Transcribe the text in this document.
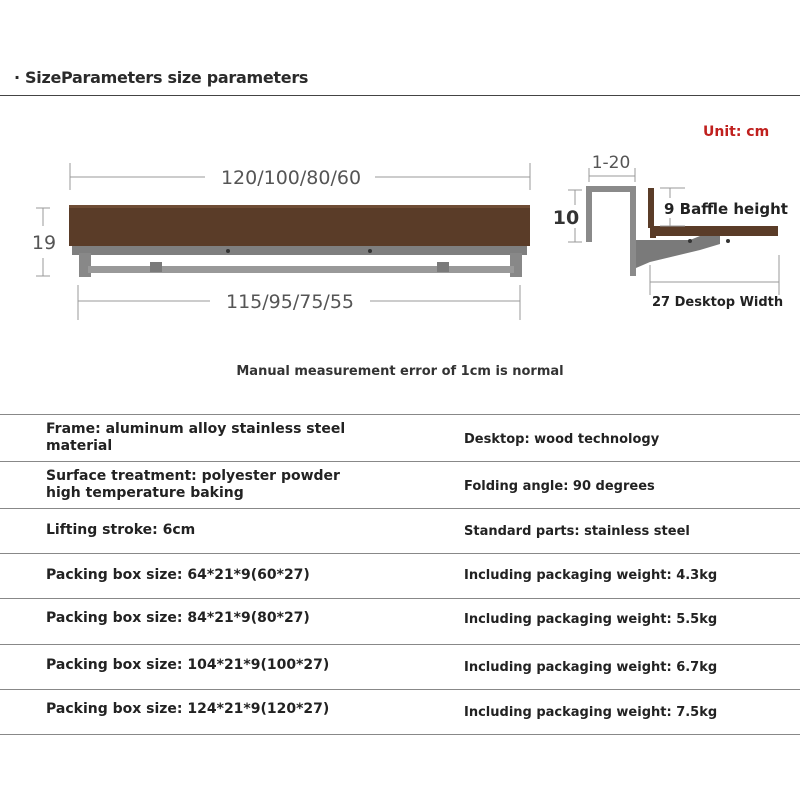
· SizeParameters size parameters
Unit: cm
120/100/80/60
19
115/95/75/55
1-20
10	9 Baffle height
27 Desktop Width
Manual measurement error of 1cm is normal
Frame: aluminum alloy stainless steel
material	Desktop: wood technology
Surface treatment: polyester powder
high temperature baking	Folding angle: 90 degrees
Lifting stroke: 6cm	Standard parts: stainless steel
Packing box size: 64*21*9(60*27)	Including packaging weight: 4.3kg
Packing box size: 84*21*9(80*27)	Including packaging weight: 5.5kg
Packing box size: 104*21*9(100*27)	Including packaging weight: 6.7kg
Packing box size: 124*21*9(120*27)	Including packaging weight: 7.5kg
